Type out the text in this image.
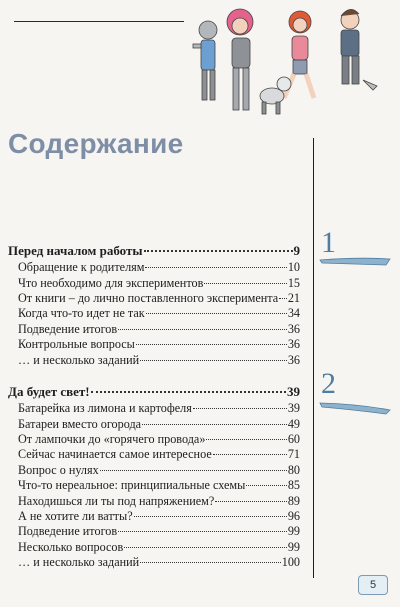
Содержание
Перед началом работы	9
Обращение к родителям	10
Что необходимо для экспериментов	15
От книги – до лично поставленного эксперимента 21
Когда что-то идет не так	34
Подведение итогов	36
Контрольные вопросы	36
… и несколько заданий	36
Да будет свет!	39
Батарейка из лимона и картофеля	39
Батареи вместо огорода	49
От лампочки до «горячего провода»	60
Сейчас начинается самое интересное	71
Вопрос о нулях	80
Что-то нереальное: принципиальные схемы	85
Находишься ли ты под напряжением?	89
А не хотите ли ватты?	96
Подведение итогов	99
Несколько вопросов	99
… и несколько заданий	100
1
2
5
